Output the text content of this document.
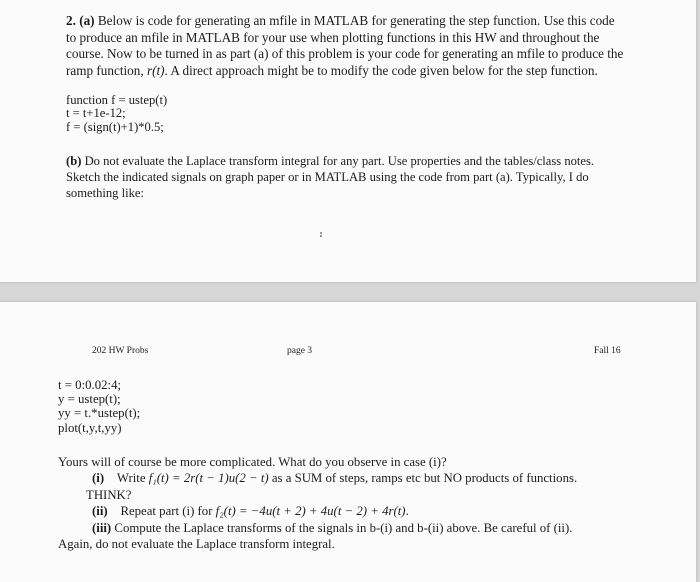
2. (a) Below is code for generating an mfile in MATLAB for generating the step function. Use this code
to produce an mfile in MATLAB for your use when plotting functions in this HW and throughout the
course. Now to be turned in as part (a) of this problem is your code for generating an mfile to produce the
ramp function, r(t). A direct approach might be to modify the code given below for the step function.
function f = ustep(t)
t = t+1e-12;
f = (sign(t)+1)*0.5;
(b) Do not evaluate the Laplace transform integral for any part. Use properties and the tables/class notes.
Sketch the indicated signals on graph paper or in MATLAB using the code from part (a). Typically, I do
something like:
202 HW Probs	page 3	Fall 16
t = 0:0.02:4;
y = ustep(t);
yy = t.*ustep(t);
plot(t,y,t,yy)
Yours will of course be more complicated. What do you observe in case (i)?
(i) Write f₁(t) = 2r(t − 1)u(2 − t) as a SUM of steps, ramps etc but NO products of functions.
THINK?
(ii) Repeat part (i) for f₂(t) = −4u(t + 2) + 4u(t − 2) + 4r(t).
(iii) Compute the Laplace transforms of the signals in b-(i) and b-(ii) above. Be careful of (ii).
Again, do not evaluate the Laplace transform integral.
